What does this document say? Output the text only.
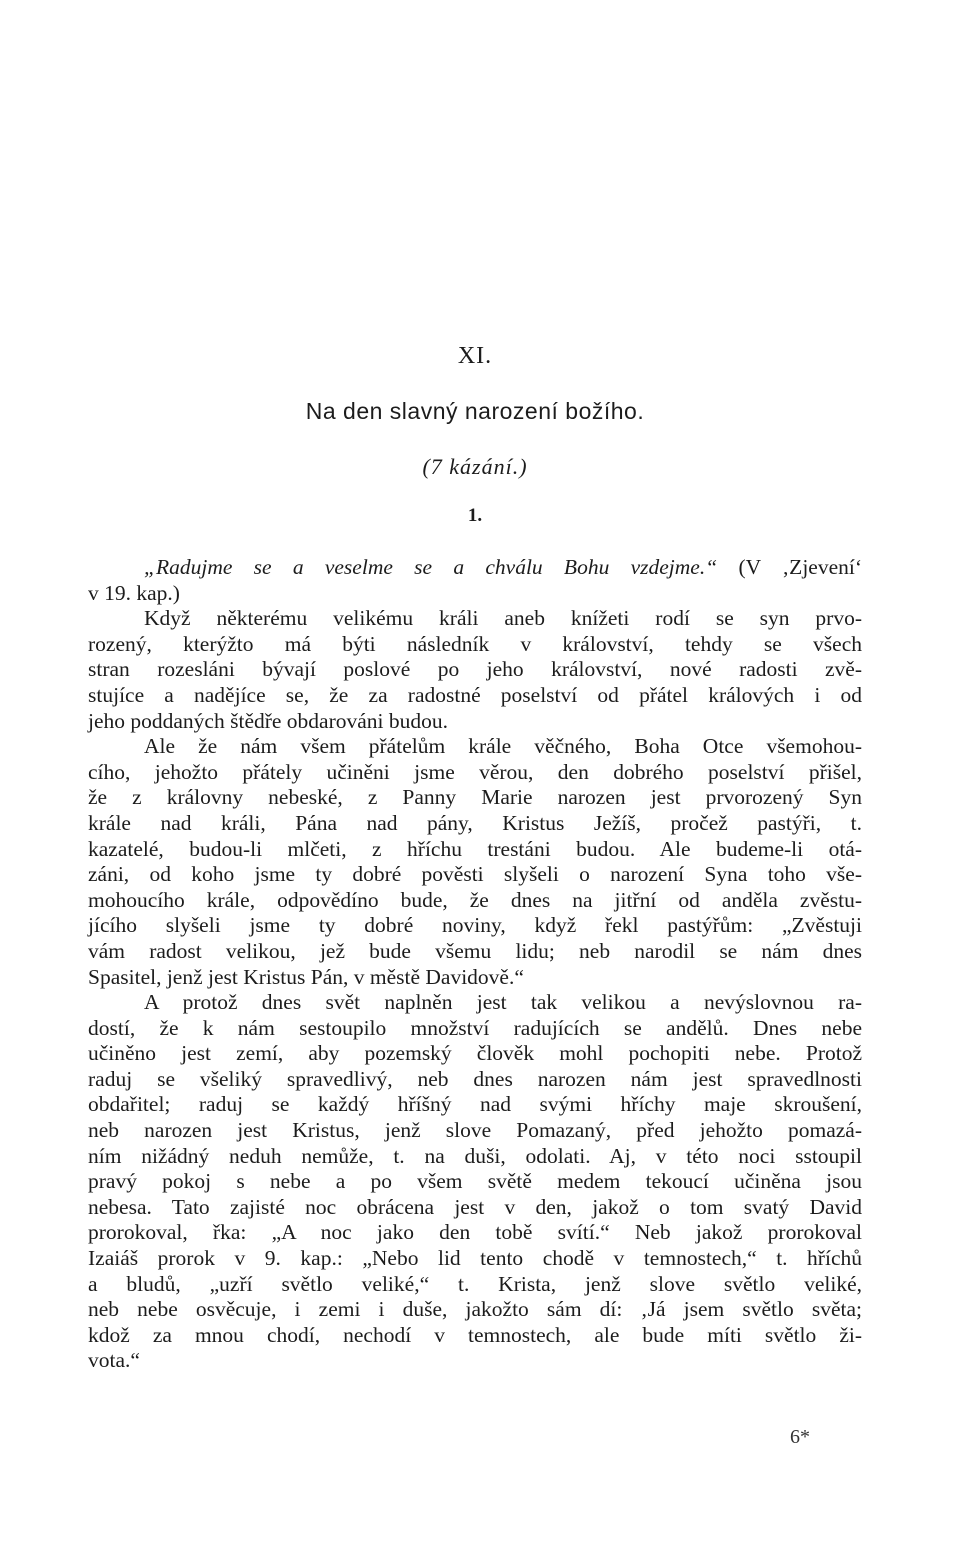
XI.
Na den slavný narození božího.
(7 kázání.)
1.
„Radujme se a veselme se a chválu Bohu vzdejme.“ (V ‚Zjevení‘
v 19. kap.)
Když některému velikému králi aneb knížeti rodí se syn prvo-
rozený, kterýžto má býti následník v království, tehdy se všech
stran rozesláni bývají poslové po jeho království, nové radosti zvě-
stujíce a nadějíce se, že za radostné poselství od přátel králových i od
jeho poddaných štědře obdarováni budou.
Ale že nám všem přátelům krále věčného, Boha Otce všemohou-
cího, jehožto přátely učiněni jsme věrou, den dobrého poselství přišel,
že z královny nebeské, z Panny Marie narozen jest prvorozený Syn
krále nad králi, Pána nad pány, Kristus Ježíš, pročež pastýři, t.
kazatelé, budou-li mlčeti, z hříchu trestáni budou. Ale budeme-li otá-
záni, od koho jsme ty dobré pověsti slyšeli o narození Syna toho vše-
mohoucího krále, odpovědíno bude, že dnes na jitřní od anděla zvěstu-
jícího slyšeli jsme ty dobré noviny, když řekl pastýřům: „Zvěstuji
vám radost velikou, jež bude všemu lidu; neb narodil se nám dnes
Spasitel, jenž jest Kristus Pán, v městě Davidově.“
A protož dnes svět naplněn jest tak velikou a nevýslovnou ra-
dostí, že k nám sestoupilo množství radujících se andělů. Dnes nebe
učiněno jest zemí, aby pozemský člověk mohl pochopiti nebe. Protož
raduj se všeliký spravedlivý, neb dnes narozen nám jest spravedlnosti
obdařitel; raduj se každý hříšný nad svými hříchy maje skroušení,
neb narozen jest Kristus, jenž slove Pomazaný, před jehožto pomazá-
ním nižádný neduh nemůže, t. na duši, odolati. Aj, v této noci sstoupil
pravý pokoj s nebe a po všem světě medem tekoucí učiněna jsou
nebesa. Tato zajisté noc obrácena jest v den, jakož o tom svatý David
prorokoval, řka: „A noc jako den tobě svítí.“ Neb jakož prorokoval
Izaiáš prorok v 9. kap.: „Nebo lid tento chodě v temnostech,“ t. hříchů
a bludů, „uzří světlo veliké,“ t. Krista, jenž slove světlo veliké,
neb nebe osvěcuje, i zemi i duše, jakožto sám dí: ‚Já jsem světlo světa;
kdož za mnou chodí, nechodí v temnostech, ale bude míti světlo ži-
vota.“
6*
